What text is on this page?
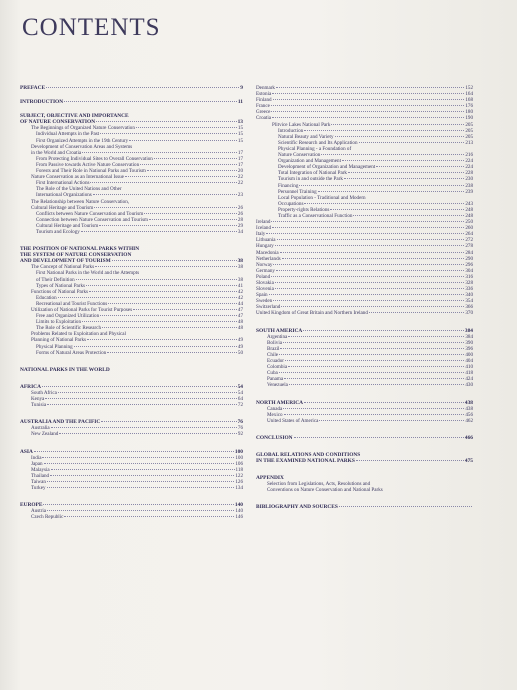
CONTENTS
PREFACE	9
INTRODUCTION	11
SUBJECT, OBJECTIVE AND IMPORTANCE
OF NATURE CONSERVATION	13
The Beginnings of Organized Nature Conservation	15
Individual Attempts in the Past	15
First Organized Attempts in the 19th Century	15
Development of Conservation Areas and Systems
in the World and Croatia	17
From Protecting Individual Sites to Overall Conservation	17
From Passive towards Active Nature Conservation	17
Forests and Their Role in National Parks and Tourism	20
Nature Conservation as an International Issue	22
First International Actions	22
The Role of the United Nations and Other
International Organizations	23
The Relationship between Nature Conservation,
Cultural Heritage and Tourism	26
Conflicts between Nature Conservation and Tourism	26
Connection between Nature Conservation and Tourism	28
Cultural Heritage and Tourism	29
Tourism and Ecology	34
THE POSITION OF NATIONAL PARKS WITHIN
THE SYSTEM OF NATURE CONSERVATION
AND DEVELOPMENT OF TOURISM	38
The Concept of National Parks	38
First National Parks in the World and the Attempts
of Their Definition	38
Types of National Parks	41
Functions of National Parks	42
Education	42
Recreational and Tourist Functions	44
Utilization of National Parks for Tourist Purposes	47
Free and Organized Utilization	47
Limits to Exploitation	48
The Role of Scientific Research	48
Problems Related to Exploitation and Physical
Planning of National Parks	49
Physical Planning	49
Forms of Natural Areas Protection	50
NATIONAL PARKS IN THE WORLD
AFRICA	54
South Africa	54
Kenya	64
Tunisia	72
AUSTRALIA AND THE PACIFIC	76
Australia	76
New Zealand	92
ASIA	100
India	100
Japan	106
Malaysia	118
Thailand	122
Taiwan	126
Turkey	134
EUROPE	140
Austria	140
Czech Republic	146
Denmark	152
Estonia	164
Finland	168
France	176
Greece	180
Croatia	190
Plitvice Lakes National Park	205
Introduction	205
Natural Beauty and Variety	205
Scientific Research and Its Application	213
Physical Planning - a Foundation of
Nature Conservation	216
Organization and Management	224
Development of Organization and Management	224
Total Integration of National Park	228
Tourism in and outside the Park	230
Financing	238
Personnel Training	239
Local Population - Traditional and Modern
Occupations	243
Property-rights Relations	248
Traffic as a Conservational Function	248
Ireland	250
Iceland	260
Italy	264
Lithuania	272
Hungary	278
Macedonia	284
Netherlands	290
Norway	296
Germany	304
Poland	316
Slovakia	328
Slovenia	336
Spain	340
Sweden	354
Switzerland	366
United Kingdom of Great Britain and Northern Ireland	370
SOUTH AMERICA	384
Argentina	384
Bolivia	390
Brazil	396
Chile	400
Ecuador	404
Colombia	410
Cuba	418
Panama	424
Venezuela	430
NORTH AMERICA	438
Canada	438
Mexico	456
United States of America	462
CONCLUSION	466
GLOBAL RELATIONS AND CONDITIONS
IN THE EXAMINED NATIONAL PARKS	475
APPENDIX
Selection from Legislations, Acts, Resolutions and
Conventions on Nature Conservation and National Parks
BIBLIOGRAPHY AND SOURCES
